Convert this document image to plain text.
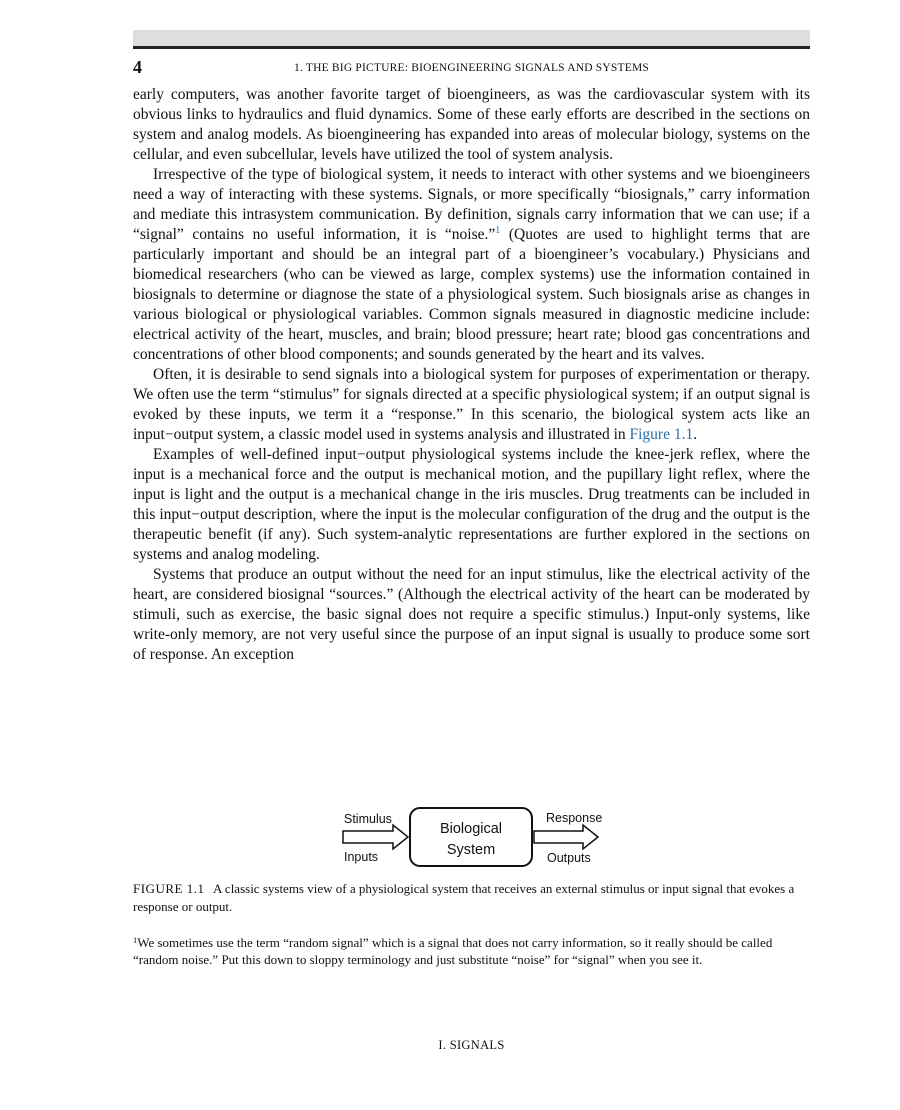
4	1. THE BIG PICTURE: BIOENGINEERING SIGNALS AND SYSTEMS

early computers, was another favorite target of bioengineers, as was the cardiovascular system with its obvious links to hydraulics and fluid dynamics. Some of these early efforts are described in the sections on system and analog models. As bioengineering has expanded into areas of molecular biology, systems on the cellular, and even subcellular, levels have utilized the tool of system analysis.

Irrespective of the type of biological system, it needs to interact with other systems and we bioengineers need a way of interacting with these systems. Signals, or more specifically “biosignals,” carry information and mediate this intrasystem communication. By definition, signals carry information that we can use; if a “signal” contains no useful information, it is “noise.”$^1$ (Quotes are used to highlight terms that are particularly important and should be an integral part of a bioengineer’s vocabulary.) Physicians and biomedical researchers (who can be viewed as large, complex systems) use the information contained in biosignals to determine or diagnose the state of a physiological system. Such biosignals arise as changes in various biological or physiological variables. Common signals measured in diagnostic medicine include: electrical activity of the heart, muscles, and brain; blood pressure; heart rate; blood gas concentrations and concentrations of other blood components; and sounds generated by the heart and its valves.

Often, it is desirable to send signals into a biological system for purposes of experimentation or therapy. We often use the term “stimulus” for signals directed at a specific physiological system; if an output signal is evoked by these inputs, we term it a “response.” In this scenario, the biological system acts like an input−output system, a classic model used in systems analysis and illustrated in Figure 1.1.

Examples of well-defined input−output physiological systems include the knee-jerk reflex, where the input is a mechanical force and the output is mechanical motion, and the pupillary light reflex, where the input is light and the output is a mechanical change in the iris muscles. Drug treatments can be included in this input−output description, where the input is the molecular configuration of the drug and the output is the therapeutic benefit (if any). Such system-analytic representations are further explored in the sections on systems and analog modeling.

Systems that produce an output without the need for an input stimulus, like the electrical activity of the heart, are considered biosignal “sources.” (Although the electrical activity of the heart can be moderated by stimuli, such as exercise, the basic signal does not require a specific stimulus.) Input-only systems, like write-only memory, are not very useful since the purpose of an input signal is usually to produce some sort of response. An exception

Stimulus
Inputs
Biological
System
Response
Outputs
FIGURE 1.1 A classic systems view of a physiological system that receives an external stimulus or input signal that evokes a response or output.
$^1$We sometimes use the term “random signal” which is a signal that does not carry information, so it really should be called “random noise.” Put this down to sloppy terminology and just substitute “noise” for “signal” when you see it.
I. SIGNALS
